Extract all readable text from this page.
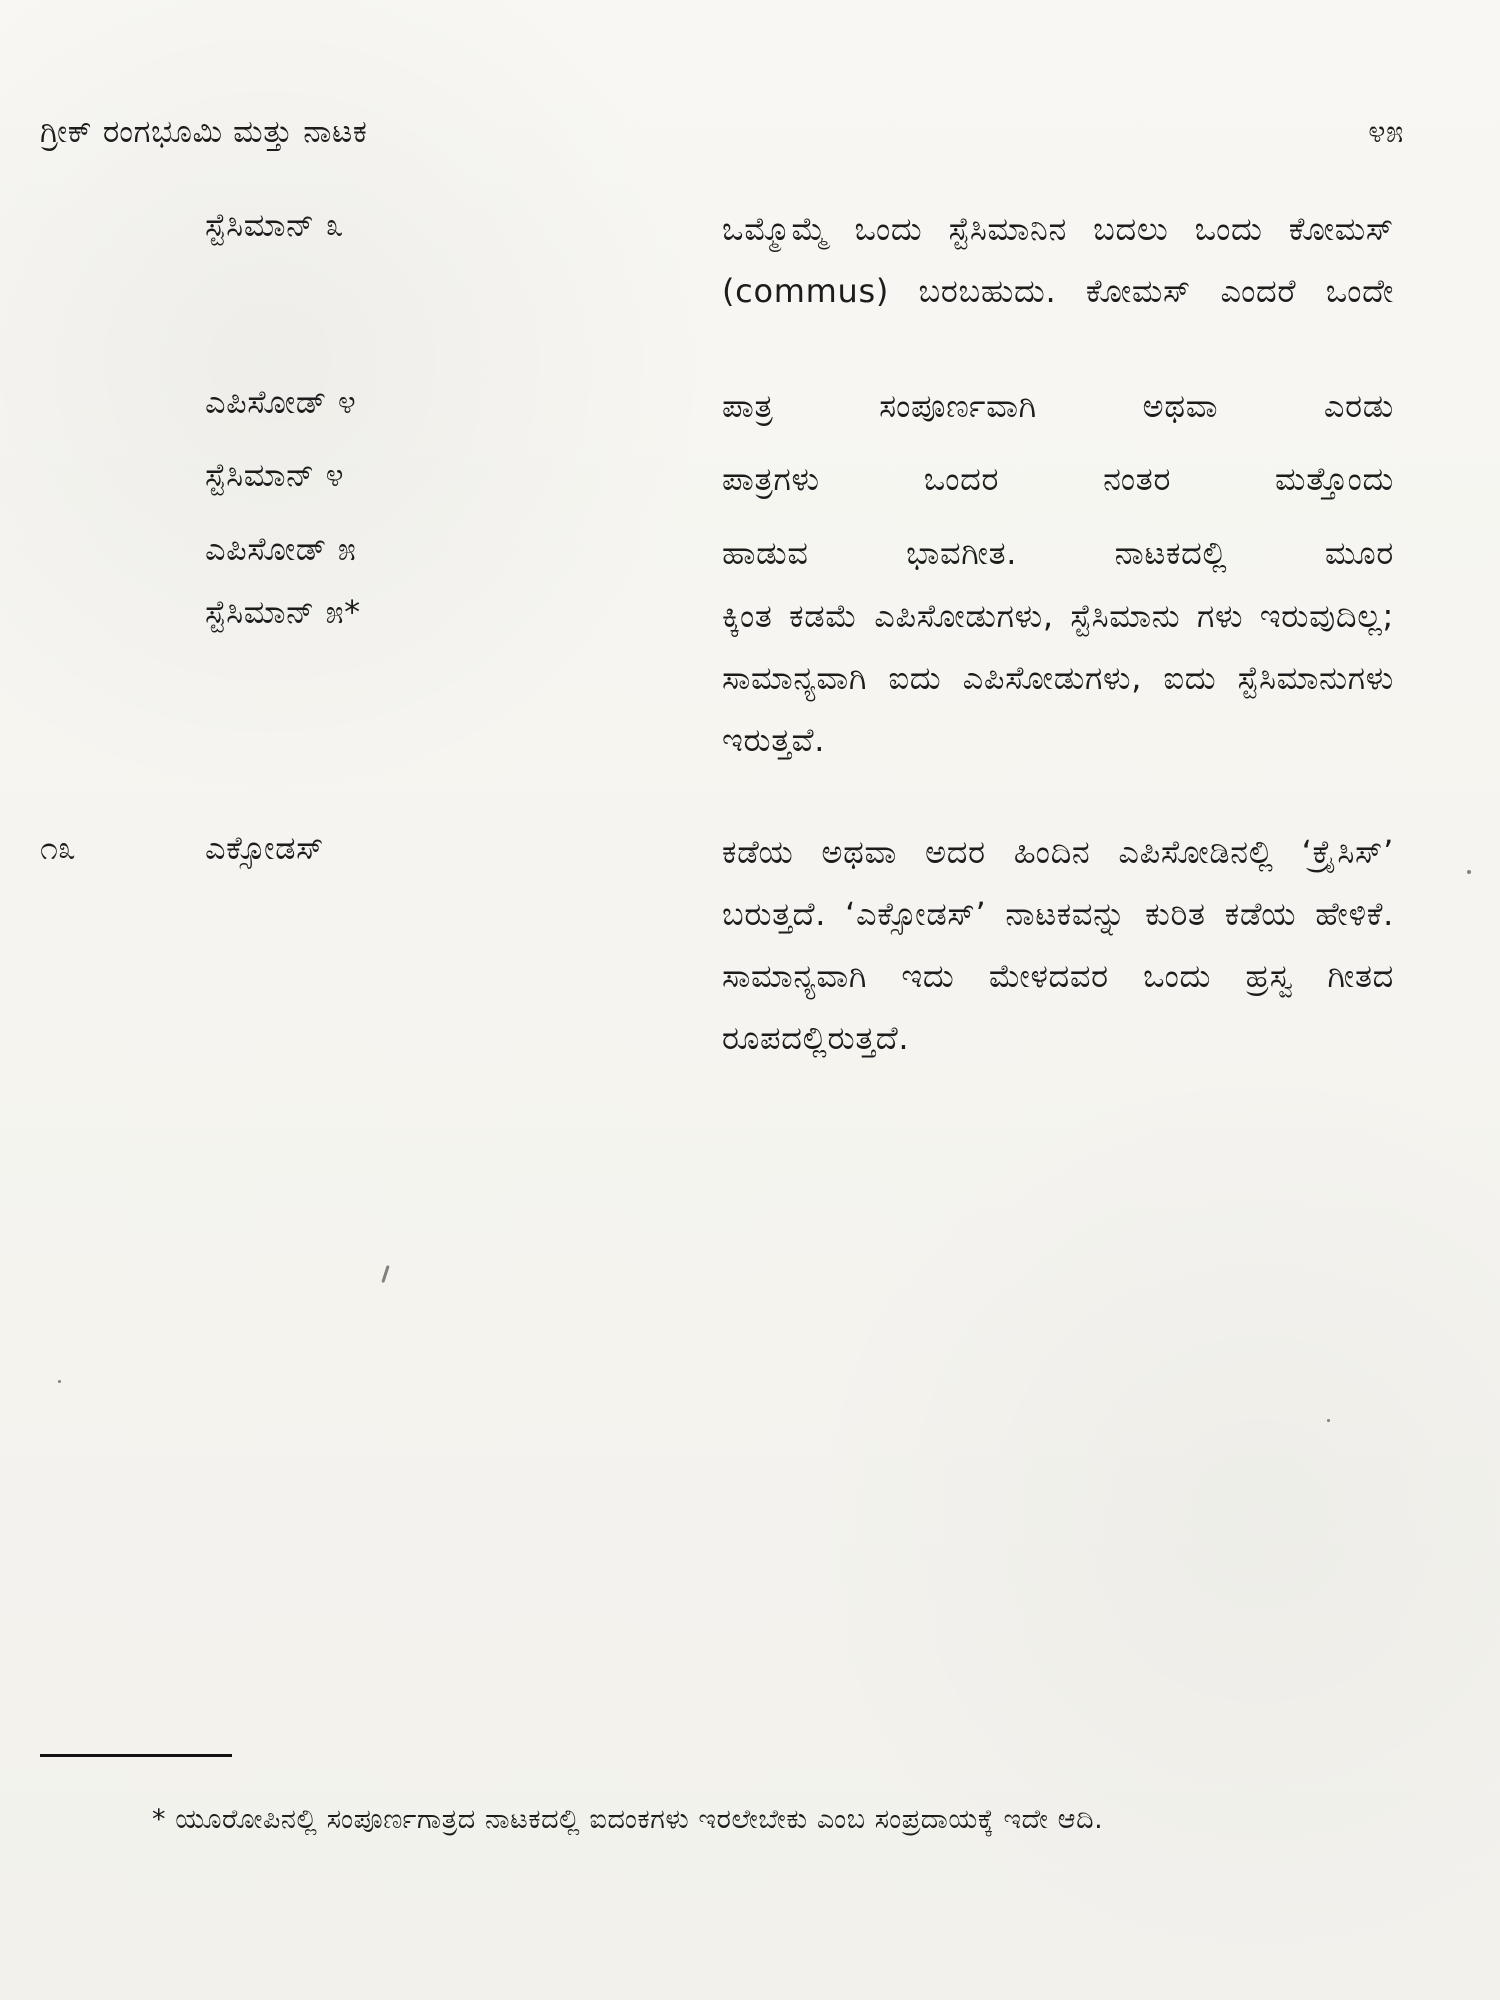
ಗ್ರೀಕ್ ರಂಗಭೂಮಿ ಮತ್ತು ನಾಟಕ	೪೫
ಸ್ಟೆಸಿಮಾನ್ ೩	ಒಮ್ಮೊಮ್ಮೆ ಒಂದು ಸ್ಟೆಸಿಮಾನಿನ ಬದಲು ಒಂದು ಕೋಮಸ್ (commus) ಬರಬಹುದು. ಕೋಮಸ್ ಎಂದರೆ ಒಂದೇ
ಎಪಿಸೋಡ್ ೪	ಪಾತ್ರ ಸಂಪೂರ್ಣವಾಗಿ ಅಥವಾ ಎರಡು
ಸ್ಟೆಸಿಮಾನ್ ೪	ಪಾತ್ರಗಳು ಒಂದರ ನಂತರ ಮತ್ತೊಂದು
ಎಪಿಸೋಡ್ ೫	ಹಾಡುವ ಭಾವಗೀತ. ನಾಟಕದಲ್ಲಿ ಮೂರ
ಸ್ಟೆಸಿಮಾನ್ ೫*	ಕ್ಕಿಂತ ಕಡಮೆ ಎಪಿಸೋಡುಗಳು, ಸ್ಟೆಸಿಮಾನು ಗಳು ಇರುವುದಿಲ್ಲ; ಸಾಮಾನ್ಯವಾಗಿ ಐದು ಎಪಿಸೋಡುಗಳು, ಐದು ಸ್ಟೆಸಿಮಾನುಗಳು ಇರುತ್ತವೆ.
೧೩	ಎಕ್ಸೋಡಸ್	ಕಡೆಯ ಅಥವಾ ಅದರ ಹಿಂದಿನ ಎಪಿಸೋಡಿನಲ್ಲಿ ‘ಕ್ರೈಸಿಸ್’ ಬರುತ್ತದೆ. ‘ಎಕ್ಸೋಡಸ್’ ನಾಟಕವನ್ನು ಕುರಿತ ಕಡೆಯ ಹೇಳಿಕೆ. ಸಾಮಾನ್ಯವಾಗಿ ಇದು ಮೇಳದವರ ಒಂದು ಹ್ರಸ್ವ ಗೀತದ ರೂಪದಲ್ಲಿರುತ್ತದೆ.
* ಯೂರೋಪಿನಲ್ಲಿ ಸಂಪೂರ್ಣಗಾತ್ರದ ನಾಟಕದಲ್ಲಿ ಐದಂಕಗಳು ಇರಲೇಬೇಕು ಎಂಬ ಸಂಪ್ರದಾಯಕ್ಕೆ ಇದೇ ಆದಿ.
